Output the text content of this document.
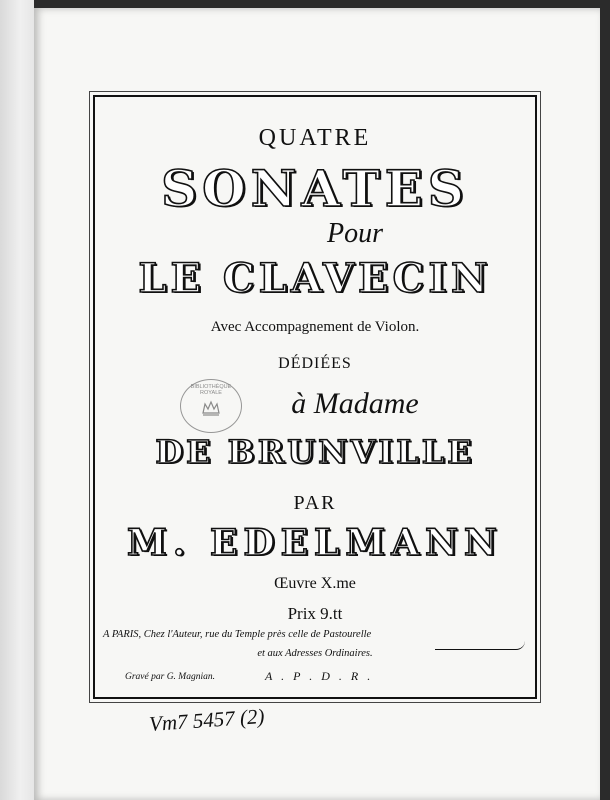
QUATRE
SONATES
Pour
LE CLAVECIN
Avec Accompagnement de Violon.
DÉDIÉES
à Madame
DE BRUNVILLE
PAR
M. EDELMANN
Œuvre X.me
Prix 9.tt
A PARIS, Chez l'Auteur, rue du Temple près celle de Pastourelle
et aux Adresses Ordinaires.
Gravé par G. Magnian.	A . P . D . R .
BIBLIOTHÈQUE ROYALE
Vm7 5457 (2)
